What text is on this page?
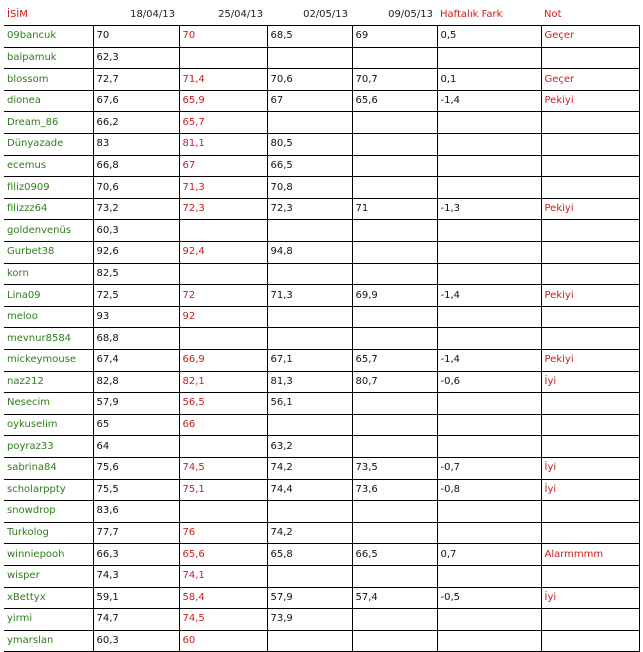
İSİM	18/04/13	25/04/13	02/05/13	09/05/13	Haftalık Fark	Not
09bancuk	70	70	68,5	69	0,5	Geçer
balpamuk	62,3					
blossom	72,7	71,4	70,6	70,7	0,1	Geçer
dionea	67,6	65,9	67	65,6	-1,4	Pekiyi
Dream_86	66,2	65,7				
Dünyazade	83	81,1	80,5			
ecemus	66,8	67	66,5			
filiz0909	70,6	71,3	70,8			
filizzz64	73,2	72,3	72,3	71	-1,3	Pekiyi
goldenvenüs	60,3					
Gurbet38	92,6	92,4	94,8			
korn	82,5					
Lina09	72,5	72	71,3	69,9	-1,4	Pekiyi
meloo	93	92				
mevnur8584	68,8					
mickeymouse	67,4	66,9	67,1	65,7	-1,4	Pekiyi
naz212	82,8	82,1	81,3	80,7	-0,6	İyi
Nesecim	57,9	56,5	56,1			
oykuselim	65	66				
poyraz33	64		63,2			
sabrina84	75,6	74,5	74,2	73,5	-0,7	İyi
scholarppty	75,5	75,1	74,4	73,6	-0,8	İyi
snowdrop	83,6					
Turkolog	77,7	76	74,2			
winniepooh	66,3	65,6	65,8	66,5	0,7	Alarmmmm
wisper	74,3	74,1				
xBettyx	59,1	58,4	57,9	57,4	-0,5	İyi
yirmi	74,7	74,5	73,9			
ymarslan	60,3	60				
